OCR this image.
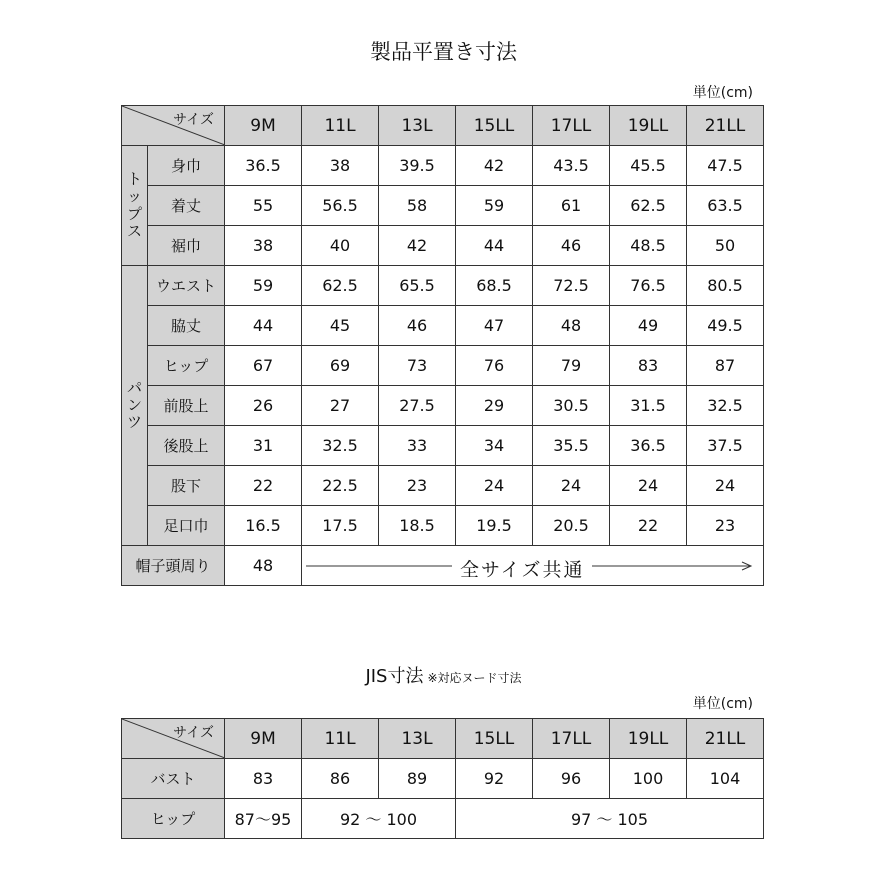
製品平置き寸法
単位(cm)
サイズ		9M	11L	13L	15LL	17LL	19LL	21LL
ト
ッ
プ
ス	身巾	36.5	38	39.5	42	43.5	45.5	47.5
	着丈	55	56.5	58	59	61	62.5	63.5
	裾巾	38	40	42	44	46	48.5	50
パ
ン
ツ	ウエスト	59	62.5	65.5	68.5	72.5	76.5	80.5
	脇丈	44	45	46	47	48	49	49.5
	ヒップ	67	69	73	76	79	83	87
	前股上	26	27	27.5	29	30.5	31.5	32.5
	後股上	31	32.5	33	34	35.5	36.5	37.5
	股下	22	22.5	23	24	24	24	24
	足口巾	16.5	17.5	18.5	19.5	20.5	22	23
帽子頭周り		48	全サイズ共通					
JIS寸法 ※対応ヌード寸法
単位(cm)
サイズ	9M	11L	13L	15LL	17LL	19LL	21LL
バスト	83	86	89	92	96	100	104
ヒップ	87〜95	92 〜 100		97 〜 105			
